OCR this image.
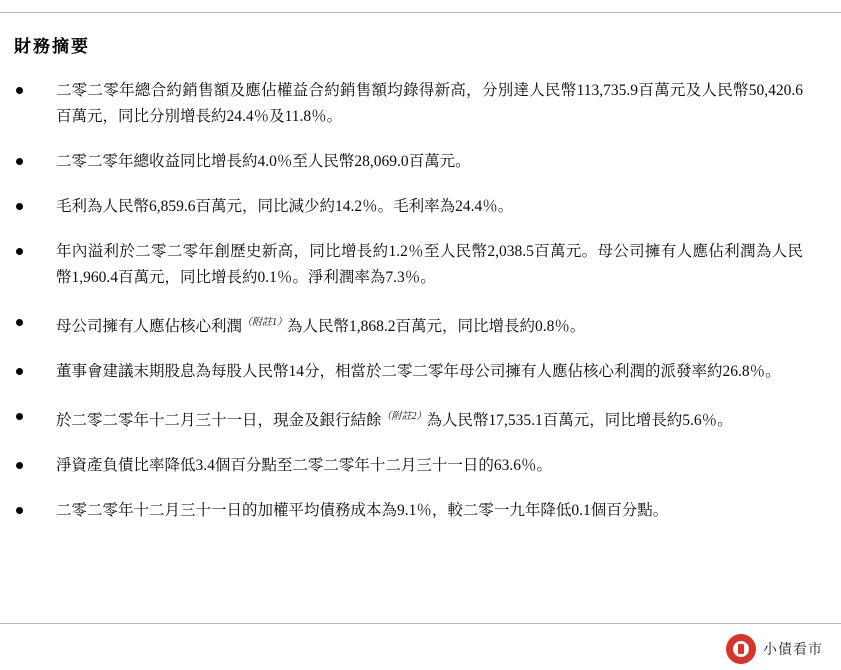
財務摘要
二零二零年總合約銷售額及應佔權益合約銷售額均錄得新高，分別達人民幣113,735.9百萬元及人民幣50,420.6百萬元，同比分別增長約24.4％及11.8％。
二零二零年總收益同比增長約4.0％至人民幣28,069.0百萬元。
毛利為人民幣6,859.6百萬元，同比減少約14.2％。毛利率為24.4％。
年內溢利於二零二零年創歷史新高，同比增長約1.2％至人民幣2,038.5百萬元。母公司擁有人應佔利潤為人民幣1,960.4百萬元，同比增長約0.1％。淨利潤率為7.3％。
母公司擁有人應佔核心利潤$^{(附註1)}$為人民幣1,868.2百萬元，同比增長約0.8％。
董事會建議末期股息為每股人民幣14分，相當於二零二零年母公司擁有人應佔核心利潤的派發率約26.8％。
於二零二零年十二月三十一日，現金及銀行結餘$^{(附註2)}$為人民幣17,535.1百萬元，同比增長約5.6％。
淨資產負債比率降低3.4個百分點至二零二零年十二月三十一日的63.6％。
二零二零年十二月三十一日的加權平均債務成本為9.1％，較二零一九年降低0.1個百分點。
小債看市
